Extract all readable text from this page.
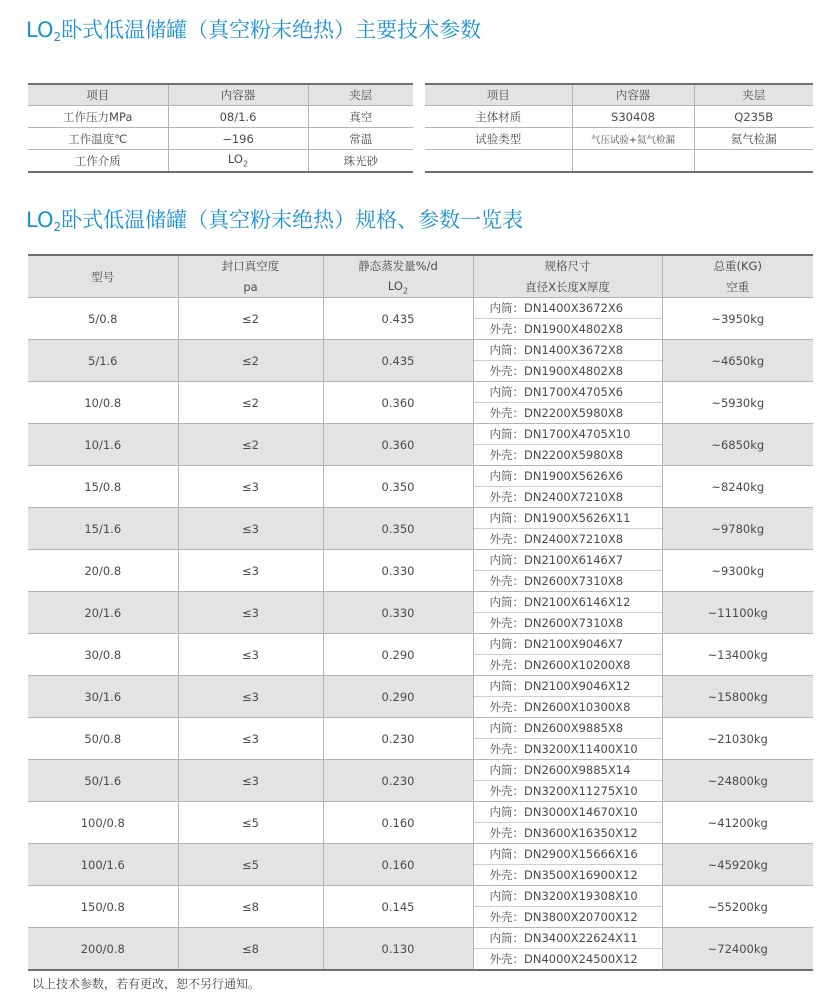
$LO_2$卧式低温储罐（真空粉末绝热）主要技术参数
项目	内容器	夹层
工作压力MPa	08/1.6	真空
工作温度℃	−196	常温
工作介质	$LO_2$	珠光砂
项目	内容器	夹层
主体材质	S30408	Q235B
试验类型	气压试验+氦气检漏	氦气检漏

$LO_2$卧式低温储罐（真空粉末绝热）规格、参数一览表
型号	封口真空度	静态蒸发量%/d	规格尺寸	总重(KG)
	pa	$LO_2$	直径X长度X厚度	空重
5/0.8	≤2	0.435	内筒：DN1400X3672X6	~3950kg
			外壳：DN1900X4802X8	
5/1.6	≤2	0.435	内筒：DN1400X3672X8	~4650kg
			外壳：DN1900X4802X8	
10/0.8	≤2	0.360	内筒：DN1700X4705X6	~5930kg
			外壳：DN2200X5980X8	
10/1.6	≤2	0.360	内筒：DN1700X4705X10	~6850kg
			外壳：DN2200X5980X8	
15/0.8	≤3	0.350	内筒：DN1900X5626X6	~8240kg
			外壳：DN2400X7210X8	
15/1.6	≤3	0.350	内筒：DN1900X5626X11	~9780kg
			外壳：DN2400X7210X8	
20/0.8	≤3	0.330	内筒：DN2100X6146X7	~9300kg
			外壳：DN2600X7310X8	
20/1.6	≤3	0.330	内筒：DN2100X6146X12	~11100kg
			外壳：DN2600X7310X8	
30/0.8	≤3	0.290	内筒：DN2100X9046X7	~13400kg
			外壳：DN2600X10200X8	
30/1.6	≤3	0.290	内筒：DN2100X9046X12	~15800kg
			外壳：DN2600X10300X8	
50/0.8	≤3	0.230	内筒：DN2600X9885X8	~21030kg
			外壳：DN3200X11400X10	
50/1.6	≤3	0.230	内筒：DN2600X9885X14	~24800kg
			外壳：DN3200X11275X10	
100/0.8	≤5	0.160	内筒：DN3000X14670X10	~41200kg
			外壳：DN3600X16350X12	
100/1.6	≤5	0.160	内筒：DN2900X15666X16	~45920kg
			外壳：DN3500X16900X12	
150/0.8	≤8	0.145	内筒：DN3200X19308X10	~55200kg
			外壳：DN3800X20700X12	
200/0.8	≤8	0.130	内筒：DN3400X22624X11	~72400kg
			外壳：DN4000X24500X12	
以上技术参数，若有更改，恕不另行通知。
